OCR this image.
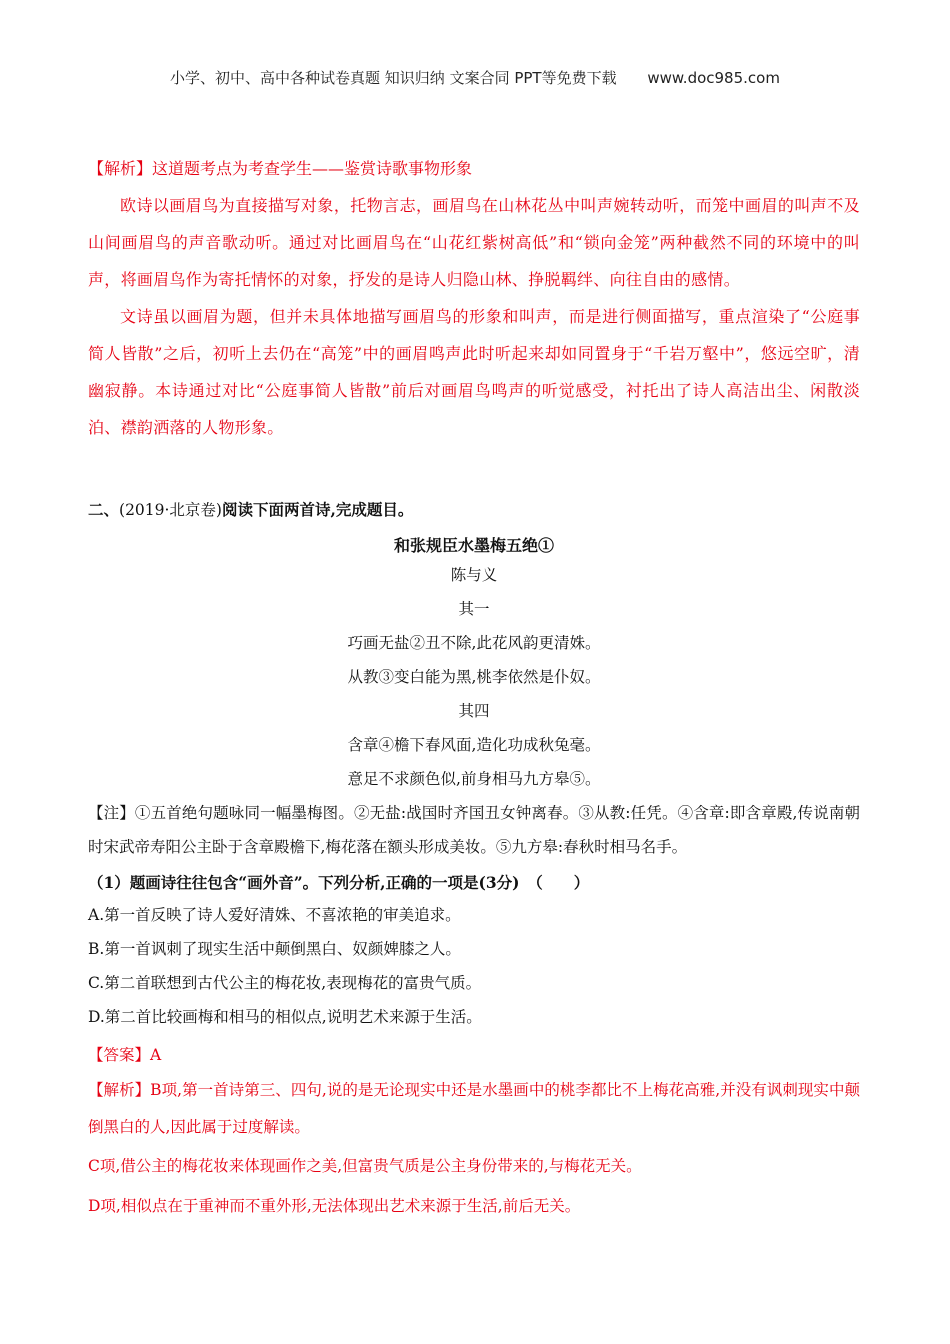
小学、初中、高中各种试卷真题 知识归纳 文案合同 PPT等免费下载 www.doc985.com

【解析】这道题考点为考查学生——鉴赏诗歌事物形象

欧诗以画眉鸟为直接描写对象，托物言志，画眉鸟在山林花丛中叫声婉转动听，而笼中画眉的叫声不及山间画眉鸟的声音歌动听。通过对比画眉鸟在“山花红紫树高低”和“锁向金笼”两种截然不同的环境中的叫声，将画眉鸟作为寄托情怀的对象，抒发的是诗人归隐山林、挣脱羁绊、向往自由的感情。

文诗虽以画眉为题，但并未具体地描写画眉鸟的形象和叫声，而是进行侧面描写，重点渲染了“公庭事简人皆散”之后，初听上去仍在“高笼”中的画眉鸣声此时听起来却如同置身于“千岩万壑中”，悠远空旷，清幽寂静。本诗通过对比“公庭事简人皆散”前后对画眉鸟鸣声的听觉感受，衬托出了诗人高洁出尘、闲散淡泊、襟韵洒落的人物形象。

二、(2019·北京卷)阅读下面两首诗,完成题目。

和张规臣水墨梅五绝①

陈与义

其一

巧画无盐②丑不除,此花风韵更清姝。

从教③变白能为黑,桃李依然是仆奴。

其四

含章④檐下春风面,造化功成秋兔毫。

意足不求颜色似,前身相马九方皋⑤。

【注】①五首绝句题咏同一幅墨梅图。②无盐:战国时齐国丑女钟离春。③从教:任凭。④含章:即含章殿,传说南朝时宋武帝寿阳公主卧于含章殿檐下,梅花落在额头形成美妆。⑤九方皋:春秋时相马名手。

（1）题画诗往往包含“画外音”。下列分析,正确的一项是(3分)　（　　）

A.第一首反映了诗人爱好清姝、不喜浓艳的审美追求。

B.第一首讽刺了现实生活中颠倒黑白、奴颜婢膝之人。

C.第二首联想到古代公主的梅花妆,表现梅花的富贵气质。

D.第二首比较画梅和相马的相似点,说明艺术来源于生活。

【答案】A

【解析】B项,第一首诗第三、四句,说的是无论现实中还是水墨画中的桃李都比不上梅花高雅,并没有讽刺现实中颠倒黑白的人,因此属于过度解读。

C项,借公主的梅花妆来体现画作之美,但富贵气质是公主身份带来的,与梅花无关。

D项,相似点在于重神而不重外形,无法体现出艺术来源于生活,前后无关。
